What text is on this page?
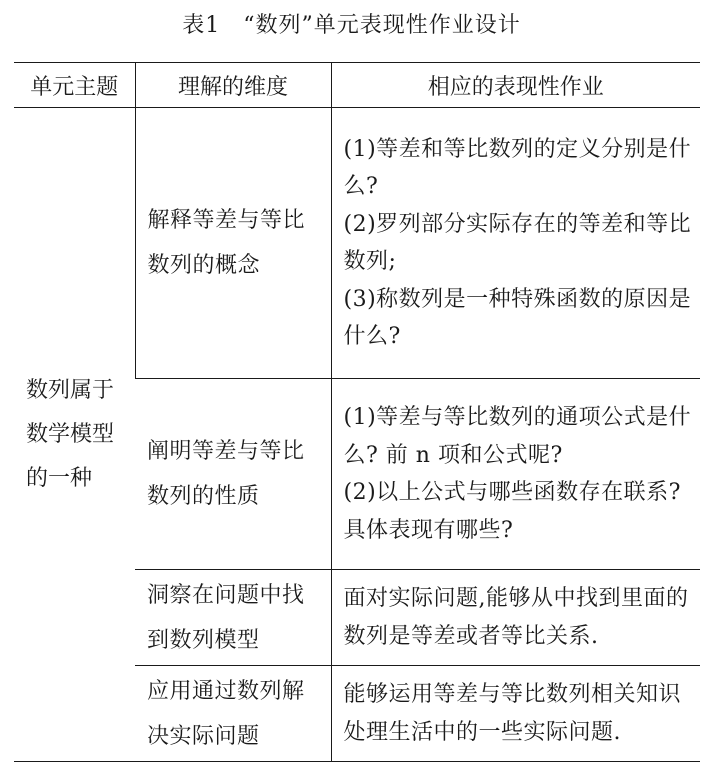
表1　“数列”单元表现性作业设计
单元主题	理解的维度	相应的表现性作业

数列属于数学模型的一种	解释等差与等比数列的概念	(1)等差和等比数列的定义分别是什么?
(2)罗列部分实际存在的等差和等比数列;
(3)称数列是一种特殊函数的原因是什么?

	阐明等差与等比数列的性质	(1)等差与等比数列的通项公式是什么? 前 n 项和公式呢?
(2)以上公式与哪些函数存在联系? 具体表现有哪些?

	洞察在问题中找到数列模型	面对实际问题,能够从中找到里面的数列是等差或者等比关系.

	应用通过数列解决实际问题	能够运用等差与等比数列相关知识处理生活中的一些实际问题.
